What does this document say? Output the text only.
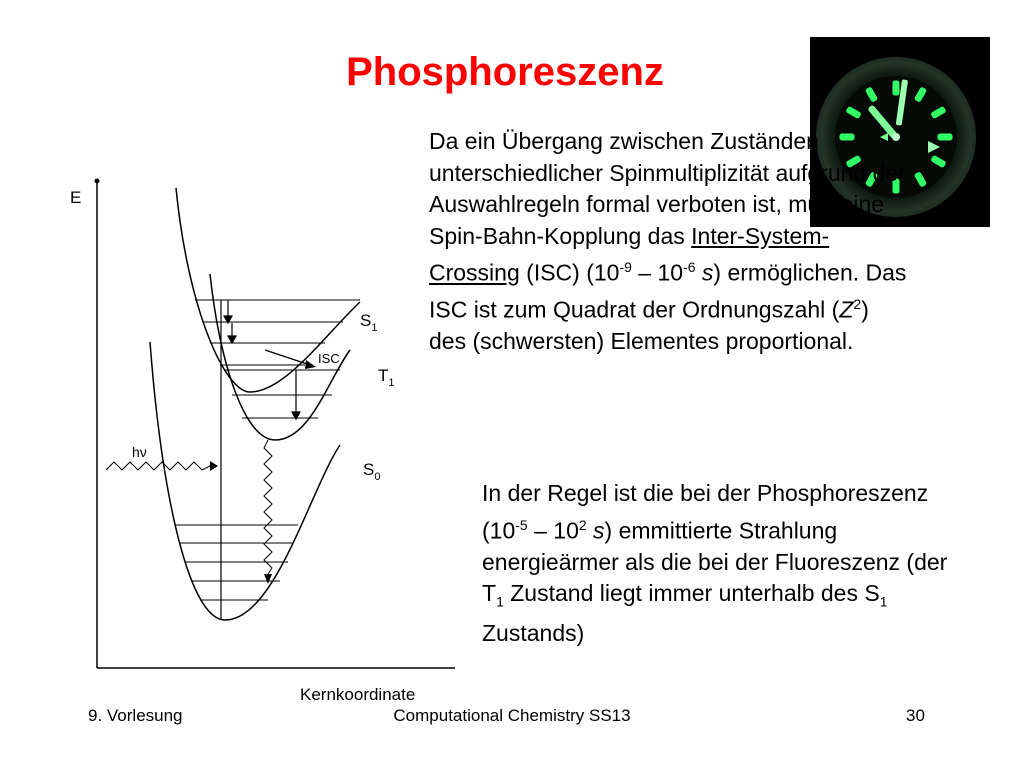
Phosphoreszenz
Da ein Übergang zwischen Zuständen unterschiedlicher Spinmultiplizität aufgrund der Auswahlregeln formal verboten ist, muß eine Spin-Bahn-Kopplung das Inter-System- Crossing (ISC) ($10^{-9} - 10^{-6}$ s) ermöglichen. Das ISC ist zum Quadrat der Ordnungszahl $(Z^2)$ des (schwersten) Elementes proportional.
In der Regel ist die bei der Phosphoreszenz ($10^{-5} - 10^2$ s) emmittierte Strahlung energieärmer als die bei der Fluoreszenz (der $T_1$ Zustand liegt immer unterhalb des $S_1$ Zustands)
E
Kernkoordinate
ISC
hν
$S_1$
$T_1$
$S_0$
9. Vorlesung	Computational Chemistry SS13	30
